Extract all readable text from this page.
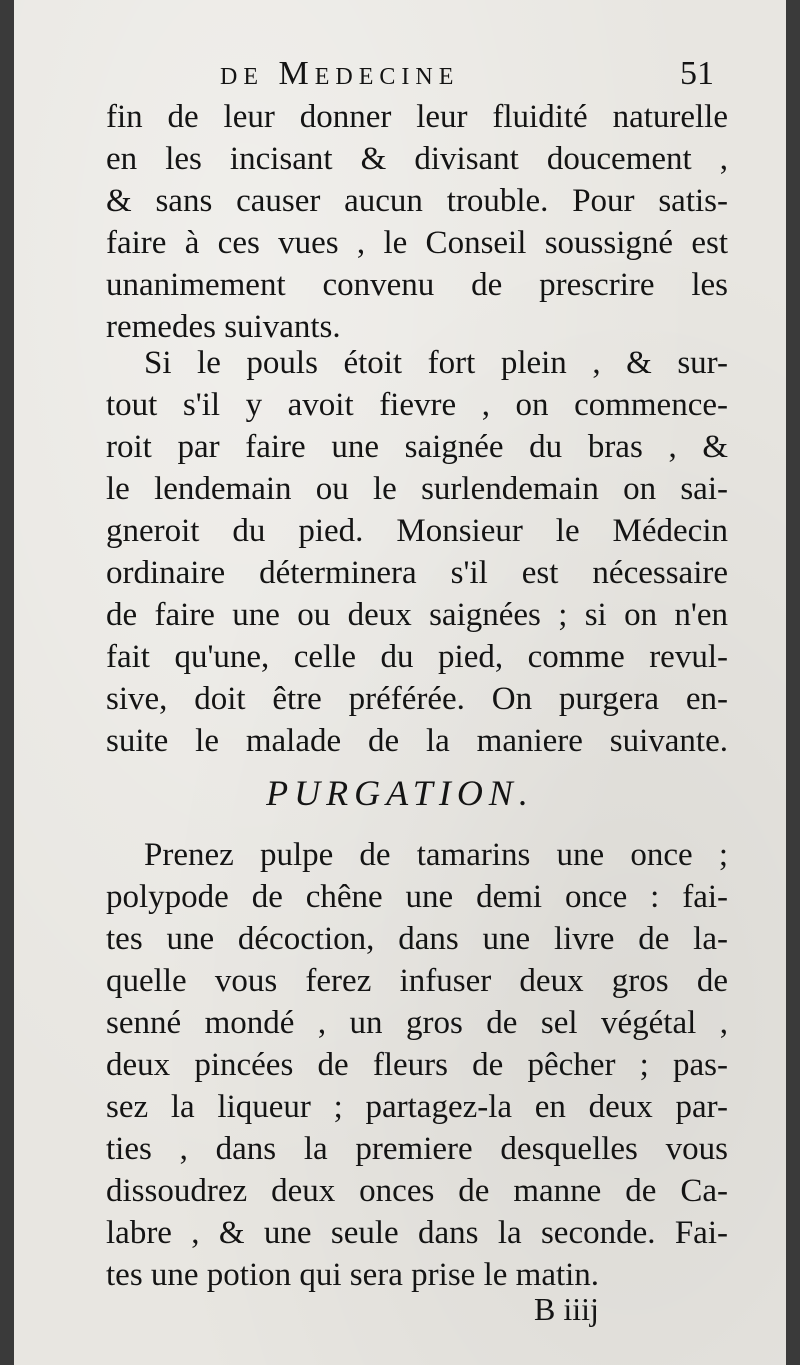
de Medecine	51
fin de leur donner leur fluidité naturelle
en les incisant & divisant doucement ,
& sans causer aucun trouble. Pour satis-
faire à ces vues , le Conseil soussigné est
unanimement convenu de prescrire les
remedes suivants.
Si le pouls étoit fort plein , & sur-
tout s'il y avoit fievre , on commence-
roit par faire une saignée du bras , &
le lendemain ou le surlendemain on sai-
gneroit du pied. Monsieur le Médecin
ordinaire déterminera s'il est nécessaire
de faire une ou deux saignées ; si on n'en
fait qu'une, celle du pied, comme revul-
sive, doit être préférée. On purgera en-
suite le malade de la maniere suivante.
PURGATION.
Prenez pulpe de tamarins une once ;
polypode de chêne une demi once : fai-
tes une décoction, dans une livre de la-
quelle vous ferez infuser deux gros de
senné mondé , un gros de sel végétal ,
deux pincées de fleurs de pêcher ; pas-
sez la liqueur ; partagez-la en deux par-
ties , dans la premiere desquelles vous
dissoudrez deux onces de manne de Ca-
labre , & une seule dans la seconde. Fai-
tes une potion qui sera prise le matin.
B iiij
